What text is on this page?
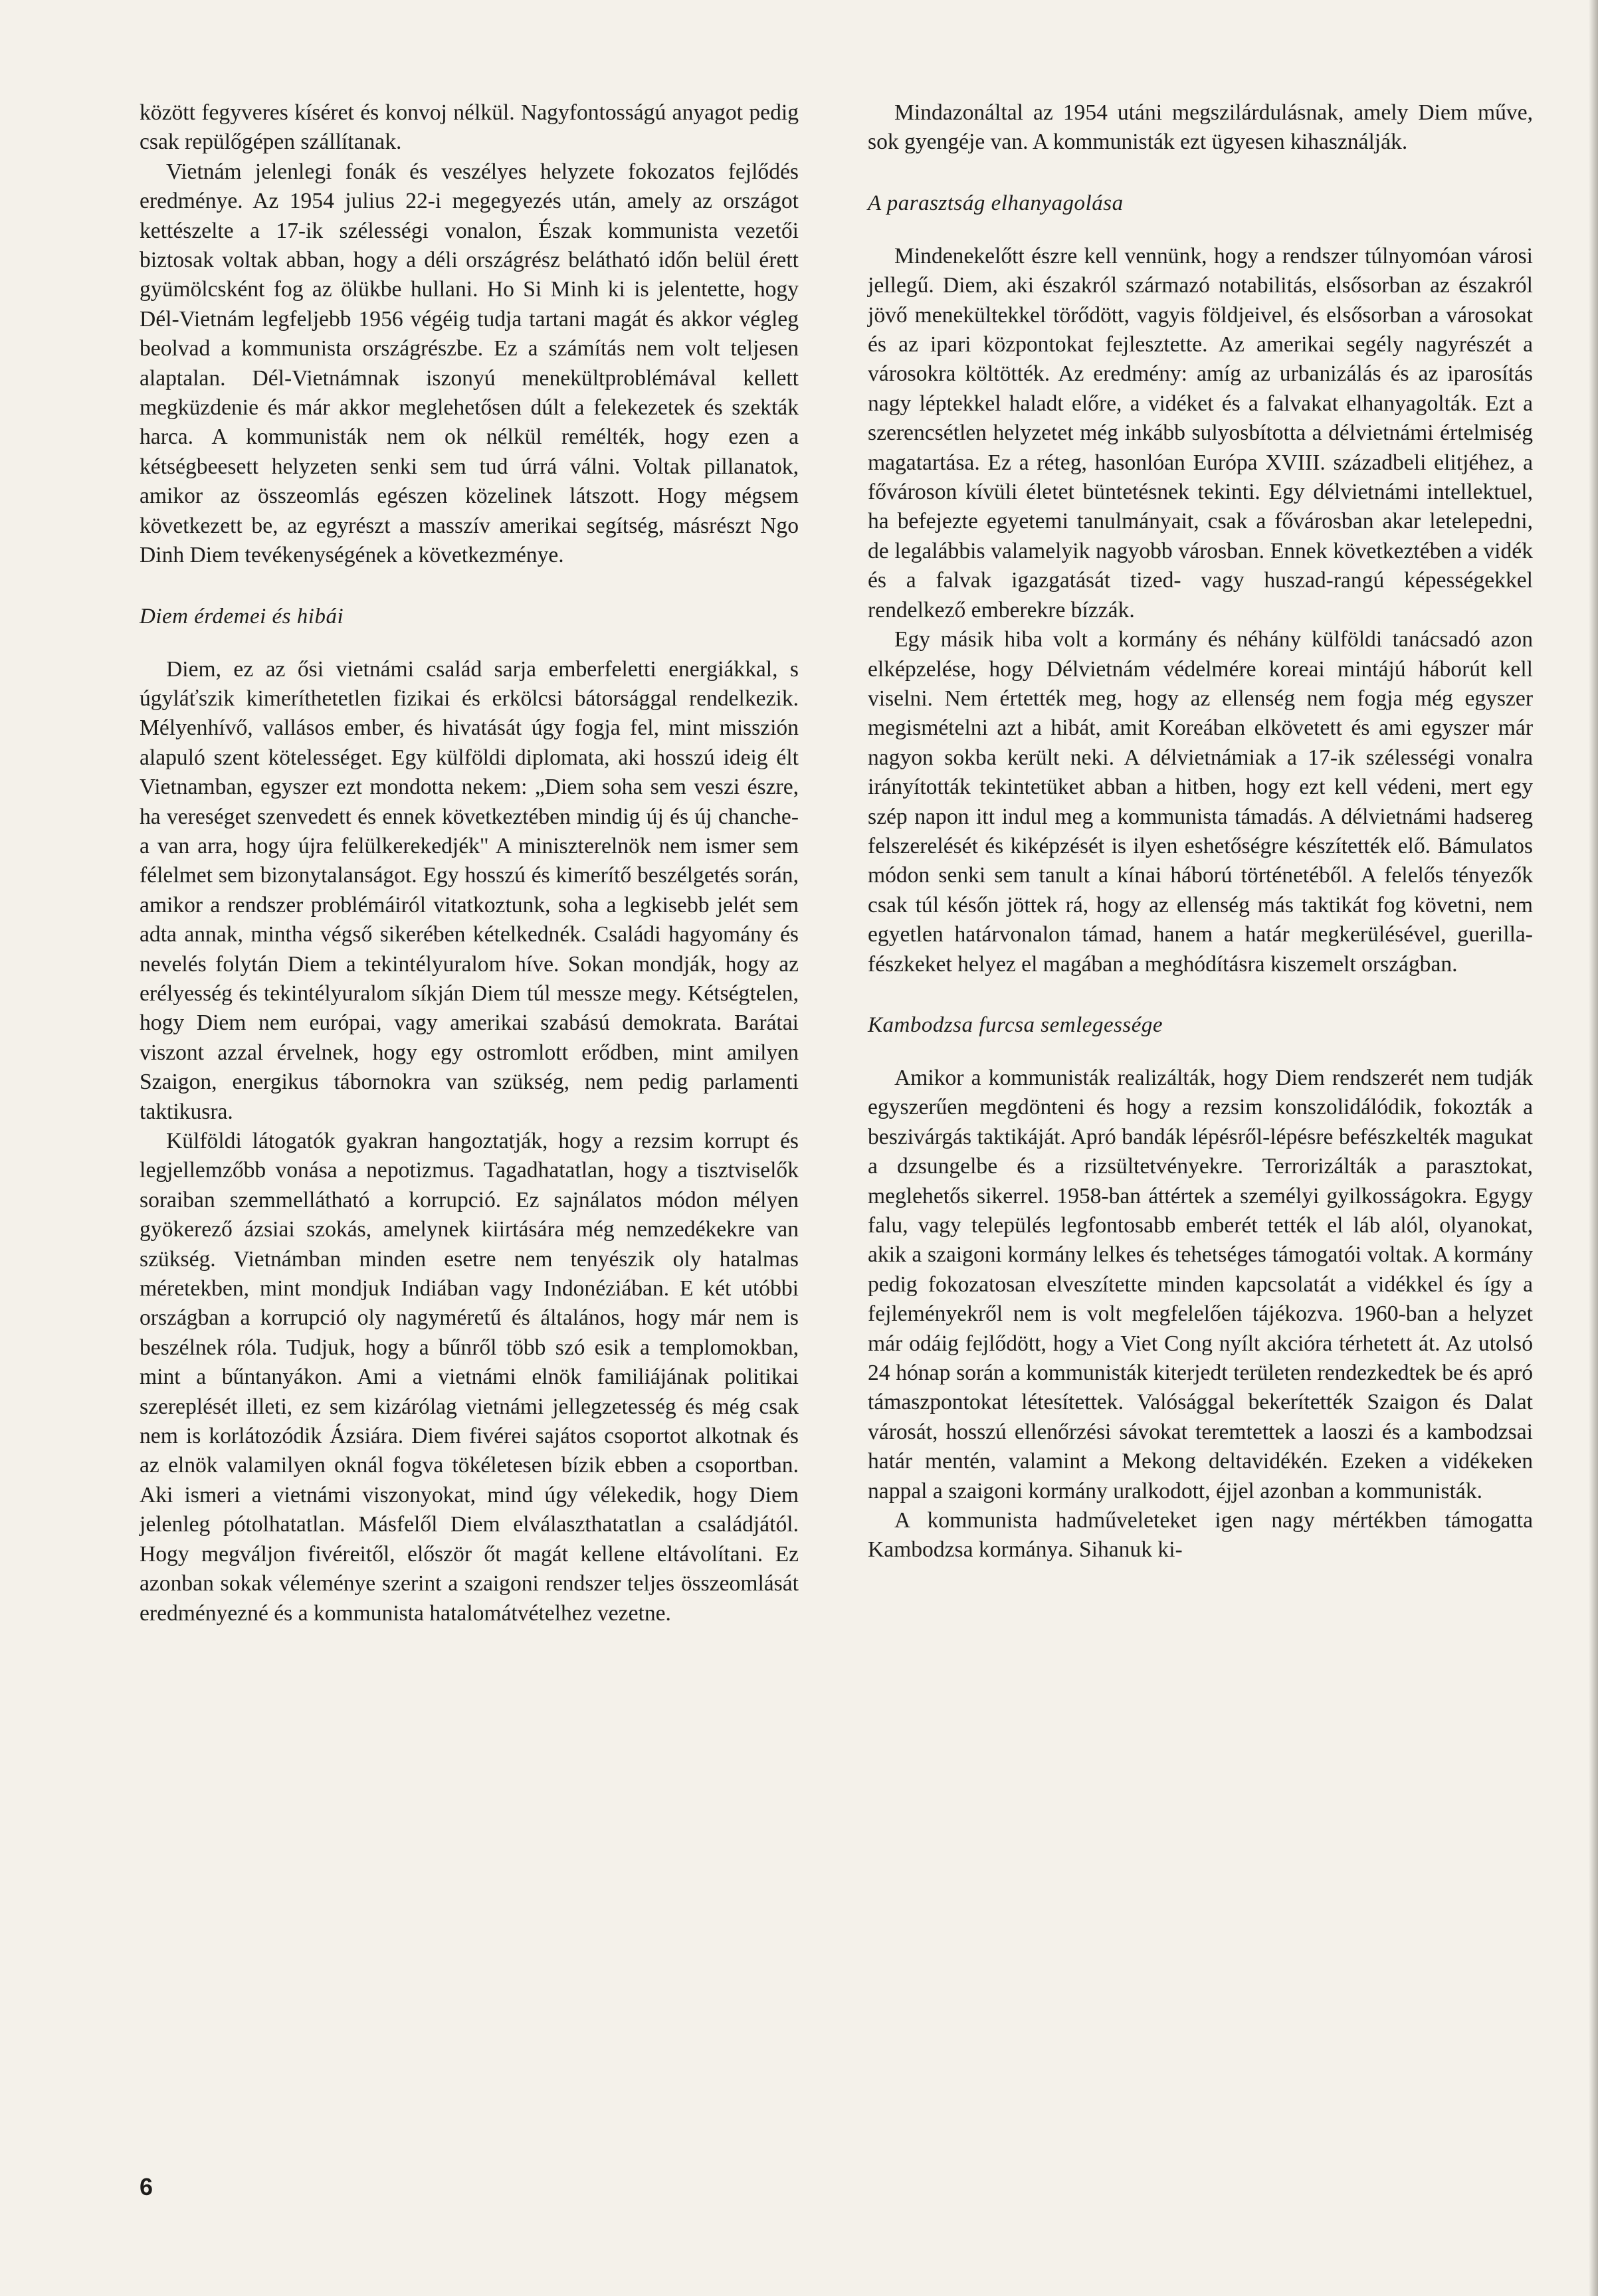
között fegyveres kíséret és konvoj nélkül. Nagyfontosságú anyagot pedig csak repülőgépen szállítanak.

Vietnám jelenlegi fonák és veszélyes helyzete fokozatos fejlődés eredménye. Az 1954 julius 22-i megegyezés után, amely az országot kettészelte a 17-ik szélességi vonalon, Észak kommunista vezetői biztosak voltak abban, hogy a déli országrész belátható időn belül érett gyümölcsként fog az ölükbe hullani. Ho Si Minh ki is jelentette, hogy Dél-Vietnám legfeljebb 1956 végéig tudja tartani magát és akkor végleg beolvad a kommunista országrészbe. Ez a számítás nem volt teljesen alaptalan. Dél-Vietnámnak iszonyú menekültproblémával kellett megküzdenie és már akkor meglehetősen dúlt a felekezetek és szekták harca. A kommunisták nem ok nélkül remélték, hogy ezen a kétségbeesett helyzeten senki sem tud úrrá válni. Voltak pillanatok, amikor az összeomlás egészen közelinek látszott. Hogy mégsem következett be, az egyrészt a masszív amerikai segítség, másrészt Ngo Dinh Diem tevékenységének a következménye.

Diem érdemei és hibái

Diem, ez az ősi vietnámi család sarja emberfeletti energiákkal, s úgyláťszik kimeríthetetlen fizikai és erkölcsi bátorsággal rendelkezik. Mélyenhívő, vallásos ember, és hivatását úgy fogja fel, mint misszión alapuló szent kötelességet. Egy külföldi diplomata, aki hosszú ideig élt Vietnamban, egyszer ezt mondotta nekem: „Diem soha sem veszi észre, ha vereséget szenvedett és ennek következtében mindig új és új chanche-a van arra, hogy újra felülkerekedjék" A miniszterelnök nem ismer sem félelmet sem bizonytalanságot. Egy hosszú és kimerítő beszélgetés során, amikor a rendszer problémáiról vitatkoztunk, soha a legkisebb jelét sem adta annak, mintha végső sikerében kételkednék. Családi hagyomány és nevelés folytán Diem a tekintélyuralom híve. Sokan mondják, hogy az erélyesség és tekintélyuralom síkján Diem túl messze megy. Kétségtelen, hogy Diem nem európai, vagy amerikai szabású demokrata. Barátai viszont azzal érvelnek, hogy egy ostromlott erődben, mint amilyen Szaigon, energikus tábornokra van szükség, nem pedig parlamenti taktikusra.

Külföldi látogatók gyakran hangoztatják, hogy a rezsim korrupt és legjellemzőbb vonása a nepotizmus. Tagadhatatlan, hogy a tisztviselők soraiban szemmellátható a korrupció. Ez sajnálatos módon mélyen gyökerező ázsiai szokás, amelynek kiirtására még nemzedékekre van szükség. Vietnámban minden esetre nem tenyészik oly hatalmas méretekben, mint mondjuk Indiában vagy Indonéziában. E két utóbbi országban a korrupció oly nagyméretű és általános, hogy már nem is beszélnek róla. Tudjuk, hogy a bűnről több szó esik a templomokban, mint a bűntanyákon. Ami a vietnámi elnök familiájának politikai szereplését illeti, ez sem kizárólag vietnámi jellegzetesség és még csak nem is korlátozódik Ázsiára. Diem fivérei sajátos csoportot alkotnak és az elnök valamilyen oknál fogva tökéletesen bízik ebben a csoportban. Aki ismeri a vietnámi viszonyokat, mind úgy vélekedik, hogy Diem jelenleg pótolhatatlan. Másfelől Diem elválaszthatatlan a családjától. Hogy megváljon fivéreitől, először őt magát kellene eltávolítani. Ez azonban sokak véleménye szerint a szaigoni rendszer teljes összeomlását eredményezné és a kommunista hatalomátvételhez vezetne.

Mindazonáltal az 1954 utáni megszilárdulásnak, amely Diem műve, sok gyengéje van. A kommunisták ezt ügyesen kihasználják.

A parasztság elhanyagolása

Mindenekelőtt észre kell vennünk, hogy a rendszer túlnyomóan városi jellegű. Diem, aki északról származó notabilitás, elsősorban az északról jövő menekültekkel törődött, vagyis földjeivel, és elsősorban a városokat és az ipari központokat fejlesztette. Az amerikai segély nagyrészét a városokra költötték. Az eredmény: amíg az urbanizálás és az iparosítás nagy léptekkel haladt előre, a vidéket és a falvakat elhanyagolták. Ezt a szerencsétlen helyzetet még inkább sulyosbította a délvietnámi értelmiség magatartása. Ez a réteg, hasonlóan Európa XVIII. századbeli elitjéhez, a fővároson kívüli életet büntetésnek tekinti. Egy délvietnámi intellektuel, ha befejezte egyetemi tanulmányait, csak a fővárosban akar letelepedni, de legalábbis valamelyik nagyobb városban. Ennek következtében a vidék és a falvak igazgatását tized- vagy huszad-rangú képességekkel rendelkező emberekre bízzák.

Egy másik hiba volt a kormány és néhány külföldi tanácsadó azon elképzelése, hogy Délvietnám védelmére koreai mintájú háborút kell viselni. Nem értették meg, hogy az ellenség nem fogja még egyszer megismételni azt a hibát, amit Koreában elkövetett és ami egyszer már nagyon sokba került neki. A délvietnámiak a 17-ik szélességi vonalra irányították tekintetüket abban a hitben, hogy ezt kell védeni, mert egy szép napon itt indul meg a kommunista támadás. A délvietnámi hadsereg felszerelését és kiképzését is ilyen eshetőségre készítették elő. Bámulatos módon senki sem tanult a kínai háború történetéből. A felelős tényezők csak túl későn jöttek rá, hogy az ellenség más taktikát fog követni, nem egyetlen határvonalon támad, hanem a határ megkerülésével, guerilla-fészkeket helyez el magában a meghódításra kiszemelt országban.

Kambodzsa furcsa semlegessége

Amikor a kommunisták realizálták, hogy Diem rendszerét nem tudják egyszerűen megdönteni és hogy a rezsim konszolidálódik, fokozták a beszivárgás taktikáját. Apró bandák lépésről-lépésre befészkelték magukat a dzsungelbe és a rizsültetvényekre. Terrorizálták a parasztokat, meglehetős sikerrel. 1958-ban áttértek a személyi gyilkosságokra. Egygy falu, vagy település legfontosabb emberét tették el láb alól, olyanokat, akik a szaigoni kormány lelkes és tehetséges támogatói voltak. A kormány pedig fokozatosan elveszítette minden kapcsolatát a vidékkel és így a fejleményekről nem is volt megfelelően tájékozva. 1960-ban a helyzet már odáig fejlődött, hogy a Viet Cong nyílt akcióra térhetett át. Az utolsó 24 hónap során a kommunisták kiterjedt területen rendezkedtek be és apró támaszpontokat létesítettek. Valósággal bekerítették Szaigon és Dalat városát, hosszú ellenőrzési sávokat teremtettek a laoszi és a kambodzsai határ mentén, valamint a Mekong deltavidékén. Ezeken a vidékeken nappal a szaigoni kormány uralkodott, éjjel azonban a kommunisták.

A kommunista hadműveleteket igen nagy mértékben támogatta Kambodzsa kormánya. Sihanuk ki-

6
